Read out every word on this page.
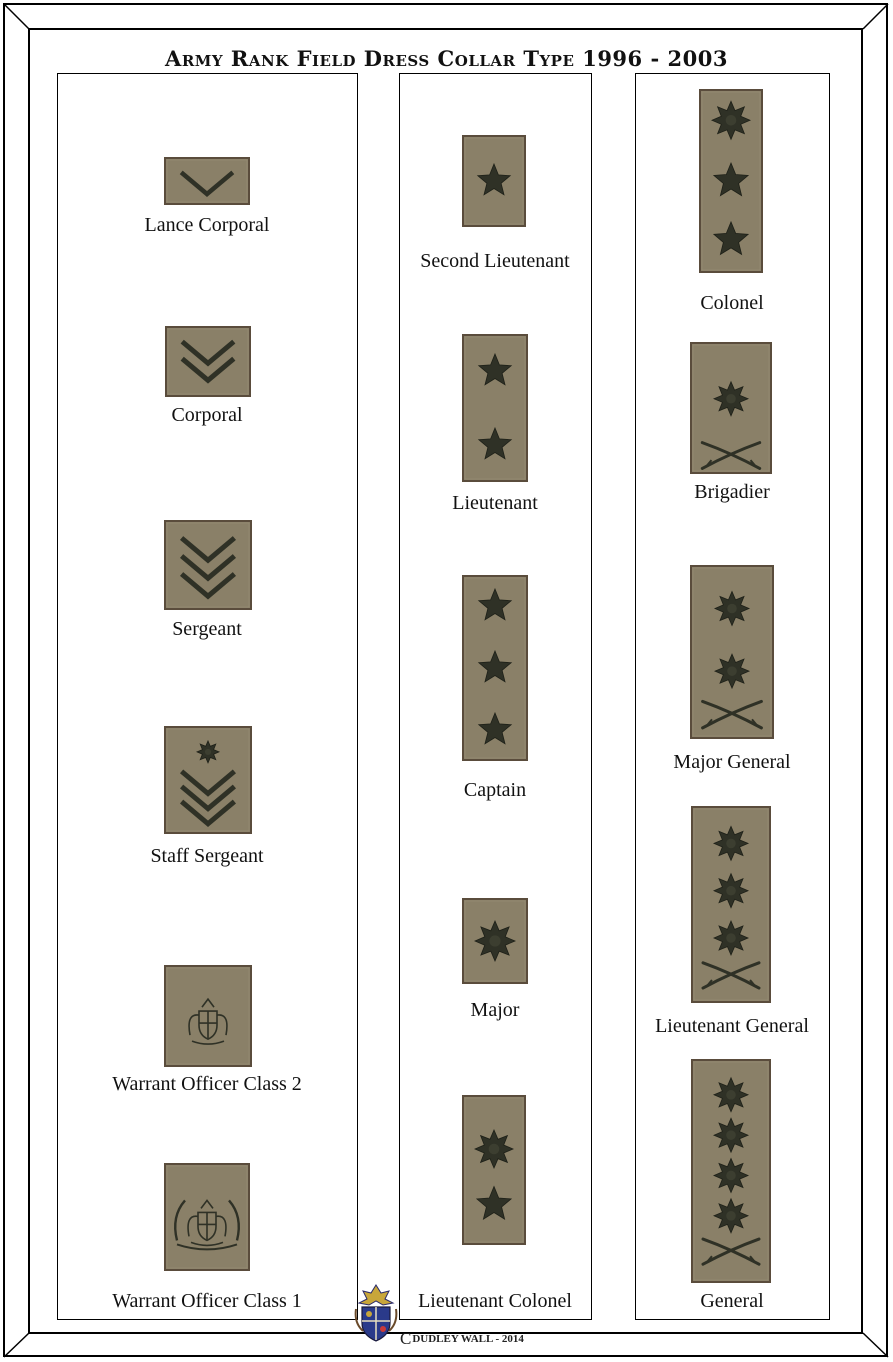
Army Rank Field Dress Collar Type 1996 - 2003
Lance Corporal
Corporal
Sergeant
Staff Sergeant
Warrant Officer Class 2
Warrant Officer Class 1
Second Lieutenant
Lieutenant
Captain
Major
Lieutenant Colonel
Colonel
Brigadier
Major General
Lieutenant General
General
CDUDLEY WALL - 2014
